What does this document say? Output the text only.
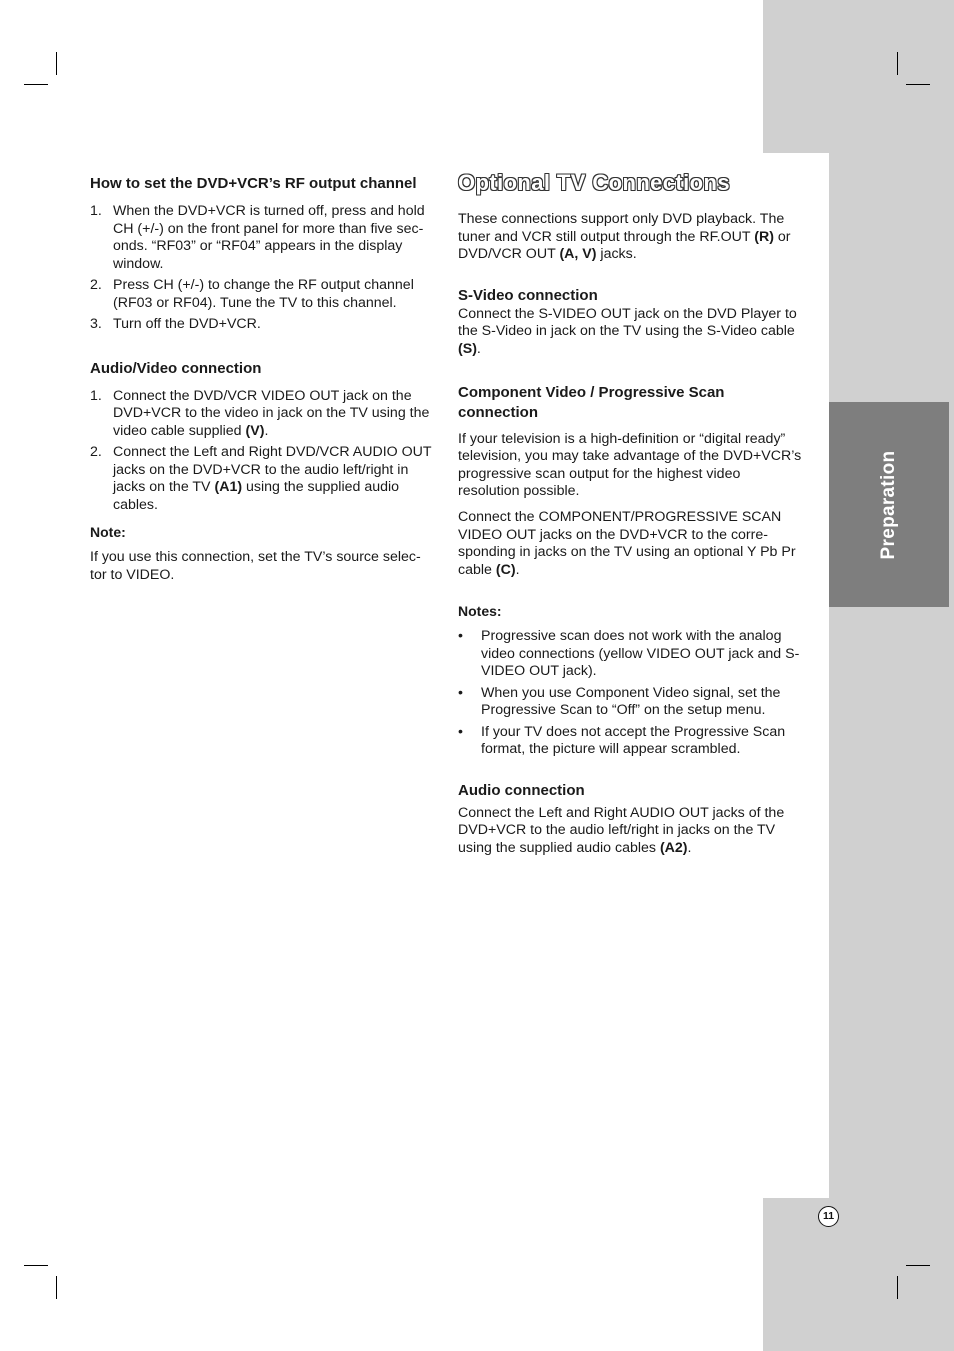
Preparation
How to set the DVD+VCR’s RF output channel
1. When the DVD+VCR is turned off, press and hold CH (+/-) on the front panel for more than five sec-onds. “RF03” or “RF04” appears in the display window.
2. Press CH (+/-) to change the RF output channel (RF03 or RF04). Tune the TV to this channel.
3. Turn off the DVD+VCR.
Audio/Video connection
1. Connect the DVD/VCR VIDEO OUT jack on the DVD+VCR to the video in jack on the TV using the video cable supplied (V).
2. Connect the Left and Right DVD/VCR AUDIO OUT jacks on the DVD+VCR to the audio left/right in jacks on the TV (A1) using the supplied audio cables.
Note:

If you use this connection, set the TV’s source selec-tor to VIDEO.

Optional TV Connections

These connections support only DVD playback. The tuner and VCR still output through the RF.OUT (R) or DVD/VCR OUT (A, V) jacks.

S-Video connection

Connect the S-VIDEO OUT jack on the DVD Player to the S-Video in jack on the TV using the S-Video cable (S).

Component Video / Progressive Scan connection

If your television is a high-definition or “digital ready” television, you may take advantage of the DVD+VCR’s progressive scan output for the highest video resolution possible.

Connect the COMPONENT/PROGRESSIVE SCAN VIDEO OUT jacks on the DVD+VCR to the corre-sponding in jacks on the TV using an optional Y Pb Pr cable (C).

Notes:
• Progressive scan does not work with the analog video connections (yellow VIDEO OUT jack and S-VIDEO OUT jack).
• When you use Component Video signal, set the Progressive Scan to “Off” on the setup menu.
• If your TV does not accept the Progressive Scan format, the picture will appear scrambled.
Audio connection

Connect the Left and Right AUDIO OUT jacks of the DVD+VCR to the audio left/right in jacks on the TV using the supplied audio cables (A2).

11
